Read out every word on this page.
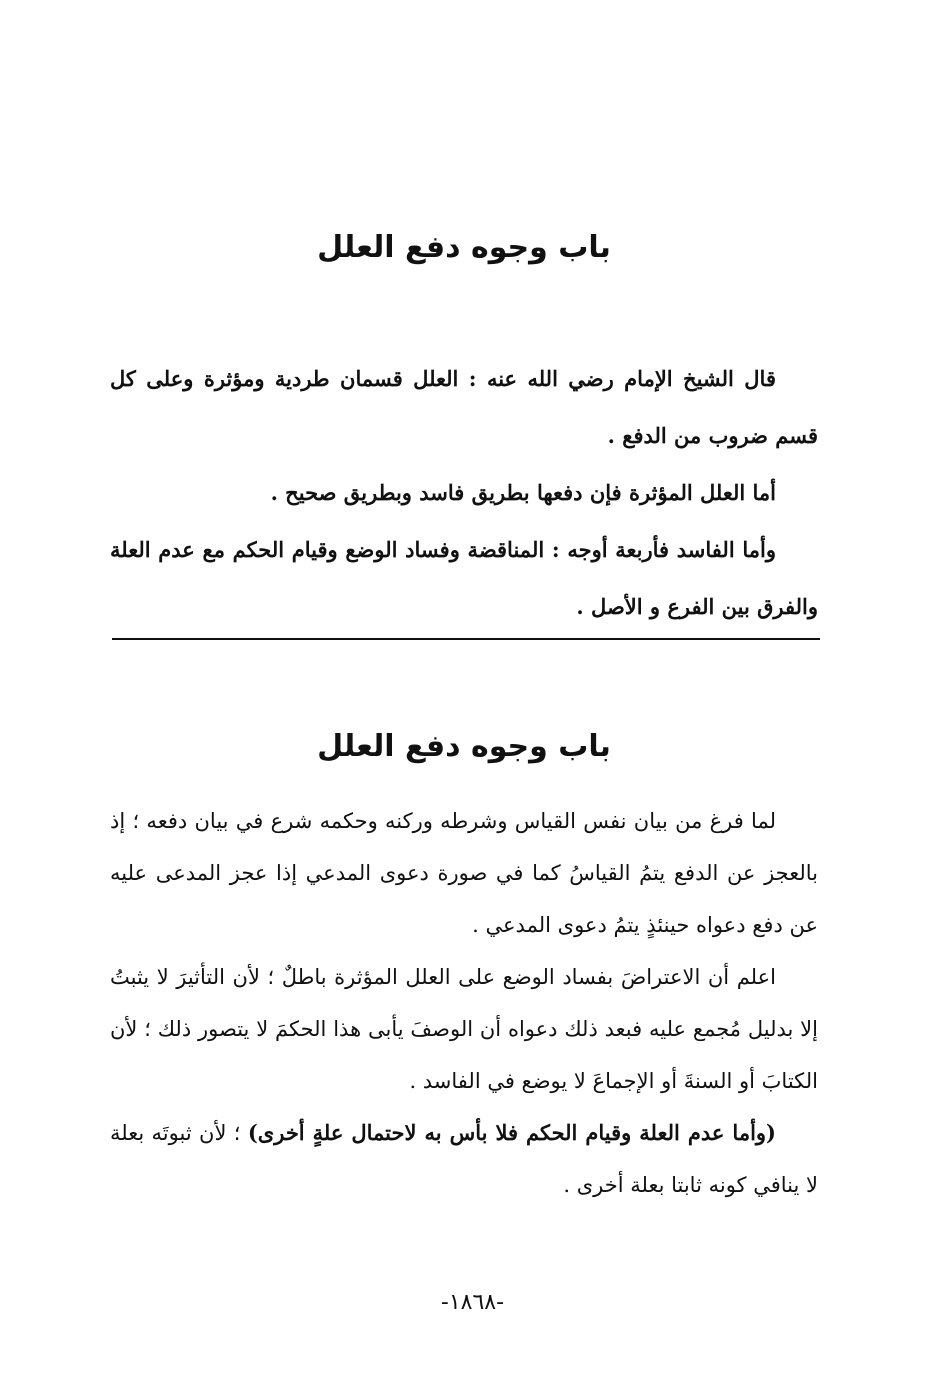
باب وجوه دفع العلل

قال الشيخ الإمام رضي الله عنه : العلل قسمان طردية ومؤثرة وعلى كل قسم ضروب من الدفع .

أما العلل المؤثرة فإن دفعها بطريق فاسد وبطريق صحيح .

وأما الفاسد فأربعة أوجه : المناقضة وفساد الوضع وقيام الحكم مع عدم العلة والفرق بين الفرع و الأصل .

باب وجوه دفع العلل

لما فرغ من بيان نفس القياس وشرطه وركنه وحكمه شرع في بيان دفعه ؛ إذ بالعجز عن الدفع يتمُ القياسُ كما في صورة دعوى المدعي إذا عجز المدعى عليه عن دفع دعواه حينئذٍ يتمُ دعوى المدعي .

اعلم أن الاعتراضَ بفساد الوضع على العلل المؤثرة باطلٌ ؛ لأن التأثيرَ لا يثبتُ إلا بدليل مُجمع عليه فبعد ذلك دعواه أن الوصفَ يأبى هذا الحكمَ لا يتصور ذلك ؛ لأن الكتابَ أو السنةَ أو الإجماعَ لا يوضع في الفاسد .

(وأما عدم العلة وقيام الحكم فلا بأس به لاحتمال علةٍ أخرى) ؛ لأن ثبوتَه بعلة لا ينافي كونه ثابتا بعلة أخرى .

-١٨٦٨-
